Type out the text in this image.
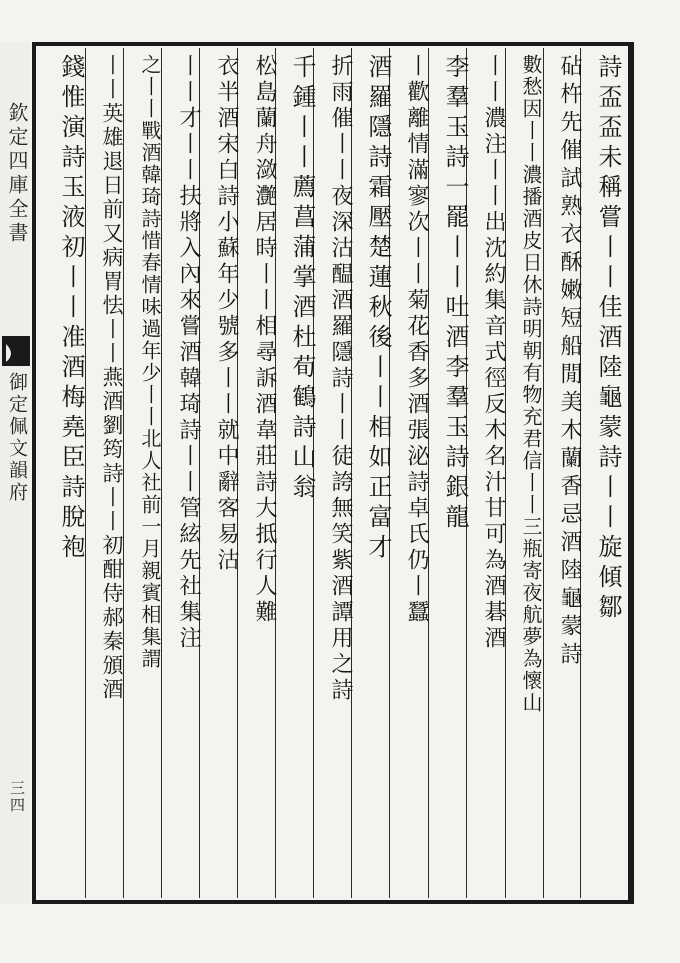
欽定四庫全書
御定佩文韻府
三四
詩盃盃未稱嘗丨丨佳酒陸龜蒙詩丨丨旋傾鄒
砧杵先催試熟衣酥嫩短船閒美木蘭香忌酒陸龜蒙詩
數愁因丨丨濃播酒皮日休詩明朝有物充君信丨丨三瓶寄夜航夢為懷山
丨丨濃注丨丨出沈約集音式徑反木名汁甘可為酒碁酒
李羣玉詩一罷丨丨吐酒李羣玉詩銀龍
丨歡離情滿寥次丨丨菊花香多酒張泌詩卓氏仍丨蠶
酒羅隱詩霜壓楚蓮秋後丨丨相如正富才
折雨催丨丨夜深沽醖酒羅隱詩丨丨徒誇無笑紫酒譚用之詩
千鍾丨丨薦菖蒲掌酒杜荀鶴詩山翁
松島蘭舟潋灔居時丨丨相尋訴酒韋莊詩大抵行人難
衣半酒宋白詩小蘇年少號多丨丨就中辭客易沽
丨丨才丨丨扶將入內來嘗酒韓琦詩丨丨管絃先社集注
之丨丨戰酒韓琦詩惜春情味過年少丨丨北人社前一月親賓相集謂
丨丨英雄退日前又病胃怯丨丨燕酒劉筠詩丨丨初酣侍郝秦頒酒
錢惟演詩玉液初丨丨准酒梅堯臣詩脫袍
